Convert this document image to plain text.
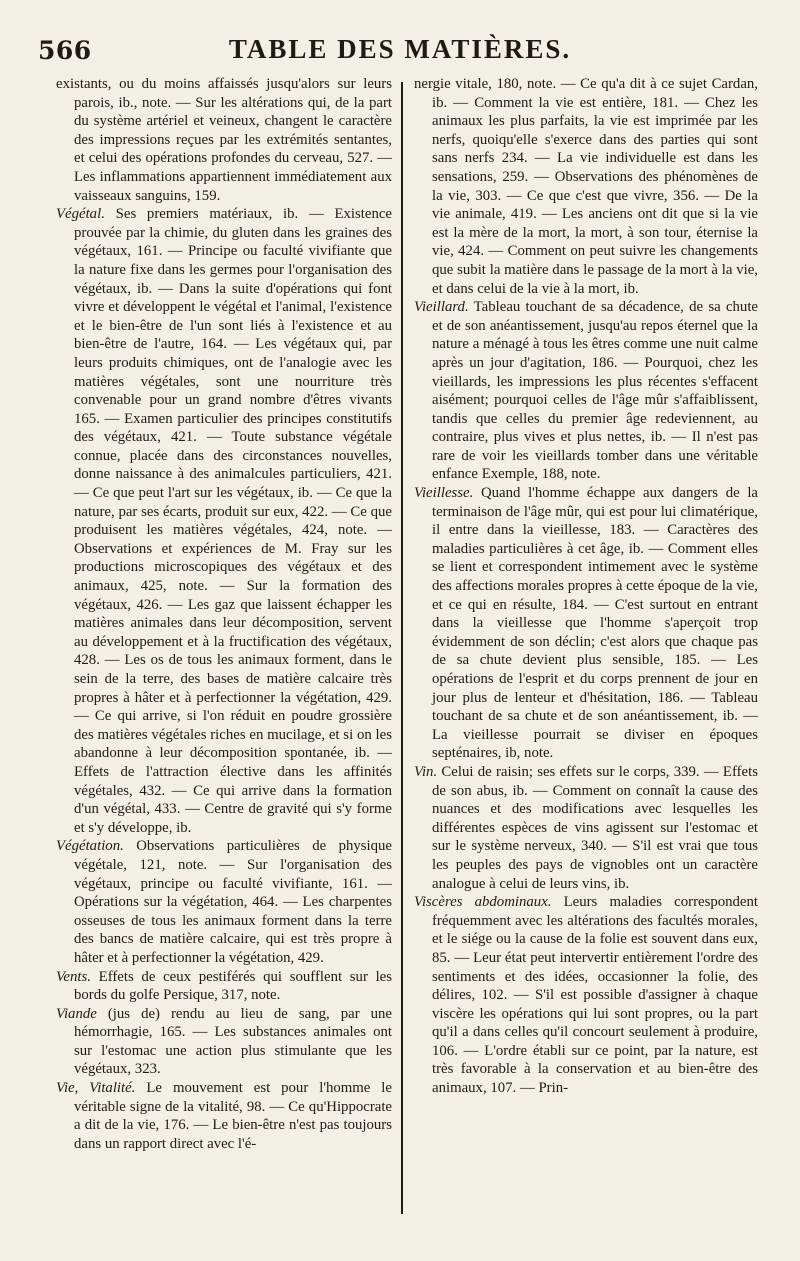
566	TABLE DES MATIÈRES.

existants, ou du moins affaissés jusqu'alors sur leurs parois, ib., note. — Sur les altérations qui, de la part du système artériel et veineux, changent le caractère des impressions reçues par les extrémités sentantes, et celui des opérations profondes du cerveau, 527. — Les inflammations appartiennent immédiatement aux vaisseaux sanguins, 159.

Végétal. Ses premiers matériaux, ib. — Existence prouvée par la chimie, du gluten dans les graines des végétaux, 161. — Principe ou faculté vivifiante que la nature fixe dans les germes pour l'organisation des végétaux, ib. — Dans la suite d'opérations qui font vivre et développent le végétal et l'animal, l'existence et le bien-être de l'un sont liés à l'existence et au bien-être de l'autre, 164. — Les végétaux qui, par leurs produits chimiques, ont de l'analogie avec les matières végétales, sont une nourriture très convenable pour un grand nombre d'êtres vivants 165. — Examen particulier des principes constitutifs des végétaux, 421. — Toute substance végétale connue, placée dans des circonstances nouvelles, donne naissance à des animalcules particuliers, 421. — Ce que peut l'art sur les végétaux, ib. — Ce que la nature, par ses écarts, produit sur eux, 422. — Ce que produisent les matières végétales, 424, note. — Observations et expériences de M. Fray sur les productions microscopiques des végétaux et des animaux, 425, note. — Sur la formation des végétaux, 426. — Les gaz que laissent échapper les matières animales dans leur décomposition, servent au développement et à la fructification des végétaux, 428. — Les os de tous les animaux forment, dans le sein de la terre, des bases de matière calcaire très propres à hâter et à perfectionner la végétation, 429. — Ce qui arrive, si l'on réduit en poudre grossière des matières végétales riches en mucilage, et si on les abandonne à leur décomposition spontanée, ib. — Effets de l'attraction élective dans les affinités végétales, 432. — Ce qui arrive dans la formation d'un végétal, 433. — Centre de gravité qui s'y forme et s'y développe, ib.

Végétation. Observations particulières de physique végétale, 121, note. — Sur l'organisation des végétaux, principe ou faculté vivifiante, 161. — Opérations sur la végétation, 464. — Les charpentes osseuses de tous les animaux forment dans la terre des bancs de matière calcaire, qui est très propre à hâter et à perfectionner la végétation, 429.

Vents. Effets de ceux pestiférés qui soufflent sur les bords du golfe Persique, 317, note.

Viande (jus de) rendu au lieu de sang, par une hémorrhagie, 165. — Les substances animales ont sur l'estomac une action plus stimulante que les végétaux, 323.

Vie, Vitalité. Le mouvement est pour l'homme le véritable signe de la vitalité, 98. — Ce qu'Hippocrate a dit de la vie, 176. — Le bien-être n'est pas toujours dans un rapport direct avec l'é-

nergie vitale, 180, note. — Ce qu'a dit à ce sujet Cardan, ib. — Comment la vie est entière, 181. — Chez les animaux les plus parfaits, la vie est imprimée par les nerfs, quoiqu'elle s'exerce dans des parties qui sont sans nerfs 234. — La vie individuelle est dans les sensations, 259. — Observations des phénomènes de la vie, 303. — Ce que c'est que vivre, 356. — De la vie animale, 419. — Les anciens ont dit que si la vie est la mère de la mort, la mort, à son tour, éternise la vie, 424. — Comment on peut suivre les changements que subit la matière dans le passage de la mort à la vie, et dans celui de la vie à la mort, ib.

Vieillard. Tableau touchant de sa décadence, de sa chute et de son anéantissement, jusqu'au repos éternel que la nature a ménagé à tous les êtres comme une nuit calme après un jour d'agitation, 186. — Pourquoi, chez les vieillards, les impressions les plus récentes s'effacent aisément; pourquoi celles de l'âge mûr s'affaiblissent, tandis que celles du premier âge redeviennent, au contraire, plus vives et plus nettes, ib. — Il n'est pas rare de voir les vieillards tomber dans une véritable enfance Exemple, 188, note.

Vieillesse. Quand l'homme échappe aux dangers de la terminaison de l'âge mûr, qui est pour lui climatérique, il entre dans la vieillesse, 183. — Caractères des maladies particulières à cet âge, ib. — Comment elles se lient et correspondent intimement avec le système des affections morales propres à cette époque de la vie, et ce qui en résulte, 184. — C'est surtout en entrant dans la vieillesse que l'homme s'aperçoit trop évidemment de son déclin; c'est alors que chaque pas de sa chute devient plus sensible, 185. — Les opérations de l'esprit et du corps prennent de jour en jour plus de lenteur et d'hésitation, 186. — Tableau touchant de sa chute et de son anéantissement, ib. — La vieillesse pourrait se diviser en époques septénaires, ib, note.

Vin. Celui de raisin; ses effets sur le corps, 339. — Effets de son abus, ib. — Comment on connaît la cause des nuances et des modifications avec lesquelles les différentes espèces de vins agissent sur l'estomac et sur le système nerveux, 340. — S'il est vrai que tous les peuples des pays de vignobles ont un caractère analogue à celui de leurs vins, ib.

Viscères abdominaux. Leurs maladies correspondent fréquemment avec les altérations des facultés morales, et le siége ou la cause de la folie est souvent dans eux, 85. — Leur état peut intervertir entièrement l'ordre des sentiments et des idées, occasionner la folie, des délires, 102. — S'il est possible d'assigner à chaque viscère les opérations qui lui sont propres, ou la part qu'il a dans celles qu'il concourt seulement à produire, 106. — L'ordre établi sur ce point, par la nature, est très favorable à la conservation et au bien-être des animaux, 107. — Prin-
